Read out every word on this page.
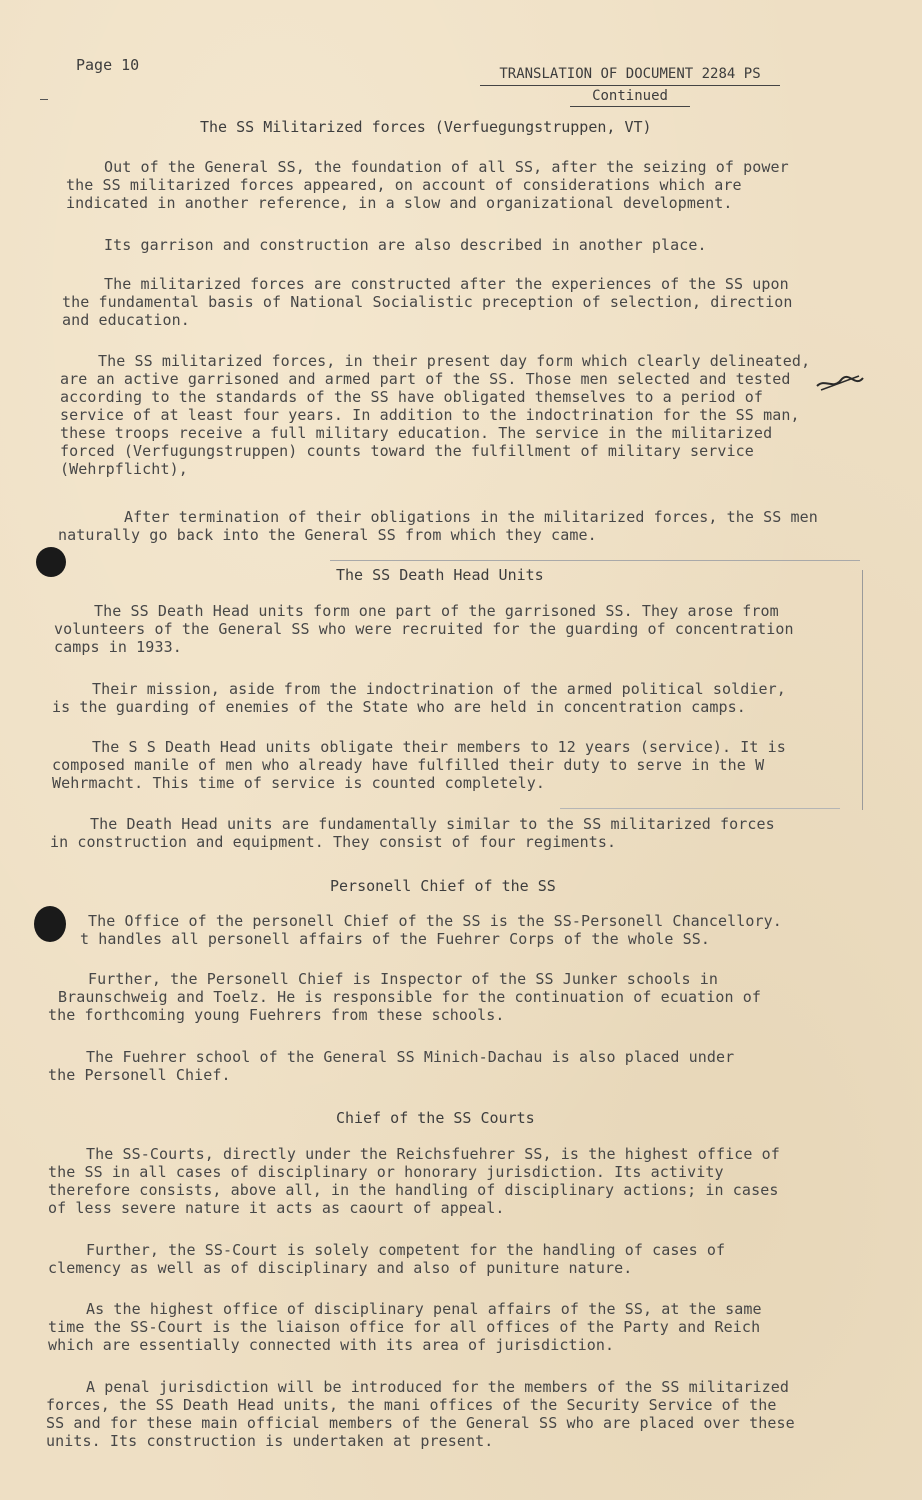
Page 10	TRANSLATION OF DOCUMENT 2284 PS
Continued
The SS Militarized forces (Verfuegungstruppen, VT)

Out of the General SS, the foundation of all SS, after the seizing of power

the SS militarized forces appeared, on account of considerations which are

indicated in another reference, in a slow and organizational development.

Its garrison and construction are also described in another place.

The militarized forces are constructed after the experiences of the SS upon

the fundamental basis of National Socialistic preception of selection, direction

and education.

The SS militarized forces, in their present day form which clearly delineated,

are an active garrisoned and armed part of the SS. Those men selected and tested

according to the standards of the SS have obligated themselves to a period of

service of at least four years. In addition to the indoctrination for the SS man,

these troops receive a full military education. The service in the militarized

forced (Verfugungstruppen) counts toward the fulfillment of military service

(Wehrpflicht),

After termination of their obligations in the militarized forces, the SS men

naturally go back into the General SS from which they came.

The SS Death Head Units

The SS Death Head units form one part of the garrisoned SS. They arose from

volunteers of the General SS who were recruited for the guarding of concentration

camps in 1933.

Their mission, aside from the indoctrination of the armed political soldier,

is the guarding of enemies of the State who are held in concentration camps.

The S S Death Head units obligate their members to 12 years (service). It is

composed manile of men who already have fulfilled their duty to serve in the W

Wehrmacht. This time of service is counted completely.

The Death Head units are fundamentally similar to the SS militarized forces

in construction and equipment. They consist of four regiments.

Personell Chief of the SS

The Office of the personell Chief of the SS is the SS-Personell Chancellory.

t handles all personell affairs of the Fuehrer Corps of the whole SS.

Further, the Personell Chief is Inspector of the SS Junker schools in

Braunschweig and Toelz. He is responsible for the continuation of ecuation of

the forthcoming young Fuehrers from these schools.

The Fuehrer school of the General SS Minich-Dachau is also placed under

the Personell Chief.

Chief of the SS Courts

The SS-Courts, directly under the Reichsfuehrer SS, is the highest office of

the SS in all cases of disciplinary or honorary jurisdiction. Its activity

therefore consists, above all, in the handling of disciplinary actions; in cases

of less severe nature it acts as caourt of appeal.

Further, the SS-Court is solely competent for the handling of cases of

clemency as well as of disciplinary and also of puniture nature.

As the highest office of disciplinary penal affairs of the SS, at the same

time the SS-Court is the liaison office for all offices of the Party and Reich

which are essentially connected with its area of jurisdiction.

A penal jurisdiction will be introduced for the members of the SS militarized

forces, the SS Death Head units, the mani offices of the Security Service of the

SS and for these main official members of the General SS who are placed over these

units. Its construction is undertaken at present.
